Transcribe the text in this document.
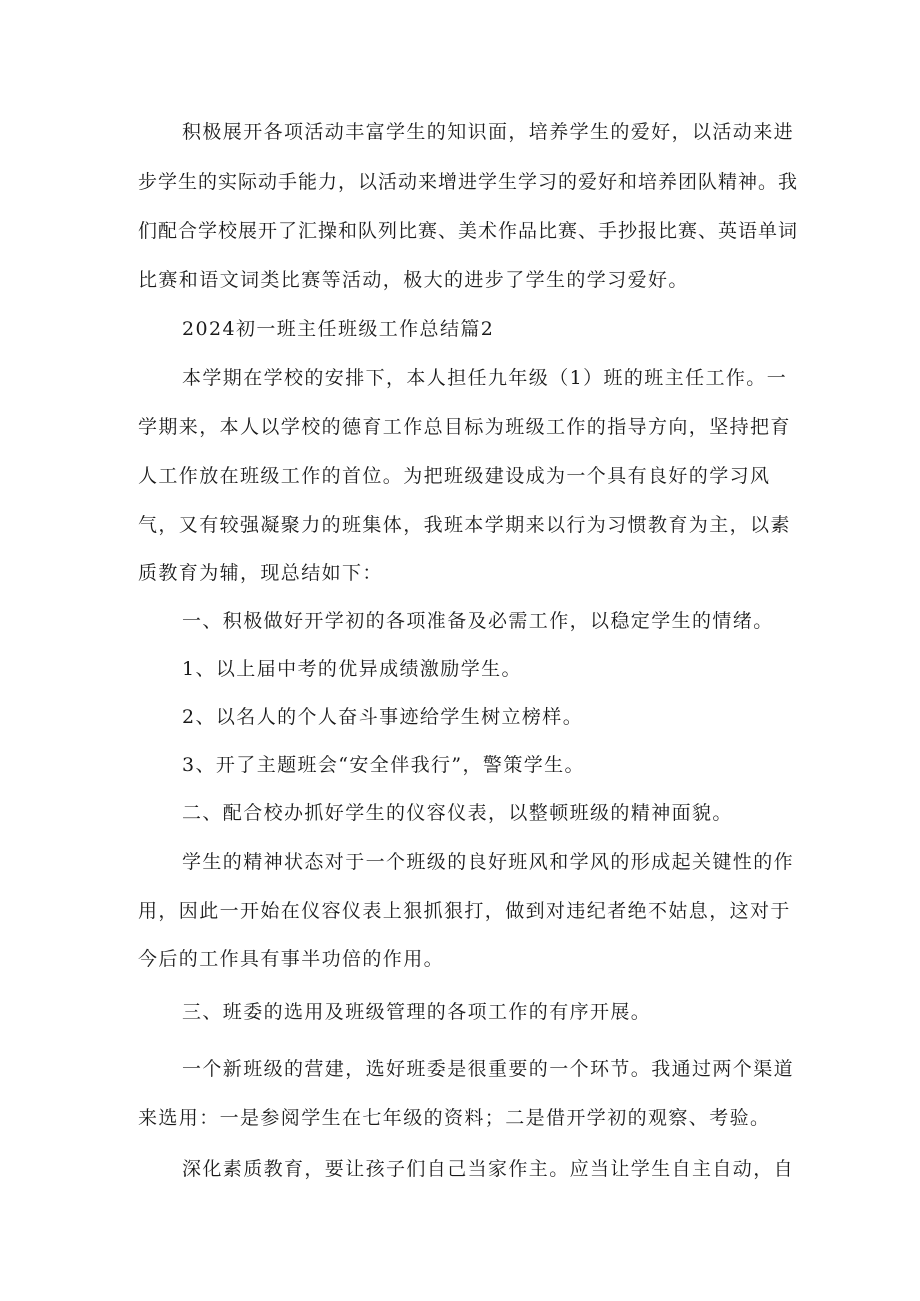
积极展开各项活动丰富学生的知识面，培养学生的爱好，以活动来进
步学生的实际动手能力，以活动来增进学生学习的爱好和培养团队精神。我
们配合学校展开了汇操和队列比赛、美术作品比赛、手抄报比赛、英语单词
比赛和语文词类比赛等活动，极大的进步了学生的学习爱好。
2024初一班主任班级工作总结篇2
本学期在学校的安排下，本人担任九年级（1）班的班主任工作。一
学期来，本人以学校的德育工作总目标为班级工作的指导方向，坚持把育
人工作放在班级工作的首位。为把班级建设成为一个具有良好的学习风
气，又有较强凝聚力的班集体，我班本学期来以行为习惯教育为主，以素
质教育为辅，现总结如下：
一、积极做好开学初的各项准备及必需工作，以稳定学生的情绪。
1、以上届中考的优异成绩激励学生。
2、以名人的个人奋斗事迹给学生树立榜样。
3、开了主题班会“安全伴我行”，警策学生。
二、配合校办抓好学生的仪容仪表，以整顿班级的精神面貌。
学生的精神状态对于一个班级的良好班风和学风的形成起关键性的作
用，因此一开始在仪容仪表上狠抓狠打，做到对违纪者绝不姑息，这对于
今后的工作具有事半功倍的作用。
三、班委的选用及班级管理的各项工作的有序开展。
一个新班级的营建，选好班委是很重要的一个环节。我通过两个渠道
来选用：一是参阅学生在七年级的资料；二是借开学初的观察、考验。
深化素质教育，要让孩子们自己当家作主。应当让学生自主自动，自
